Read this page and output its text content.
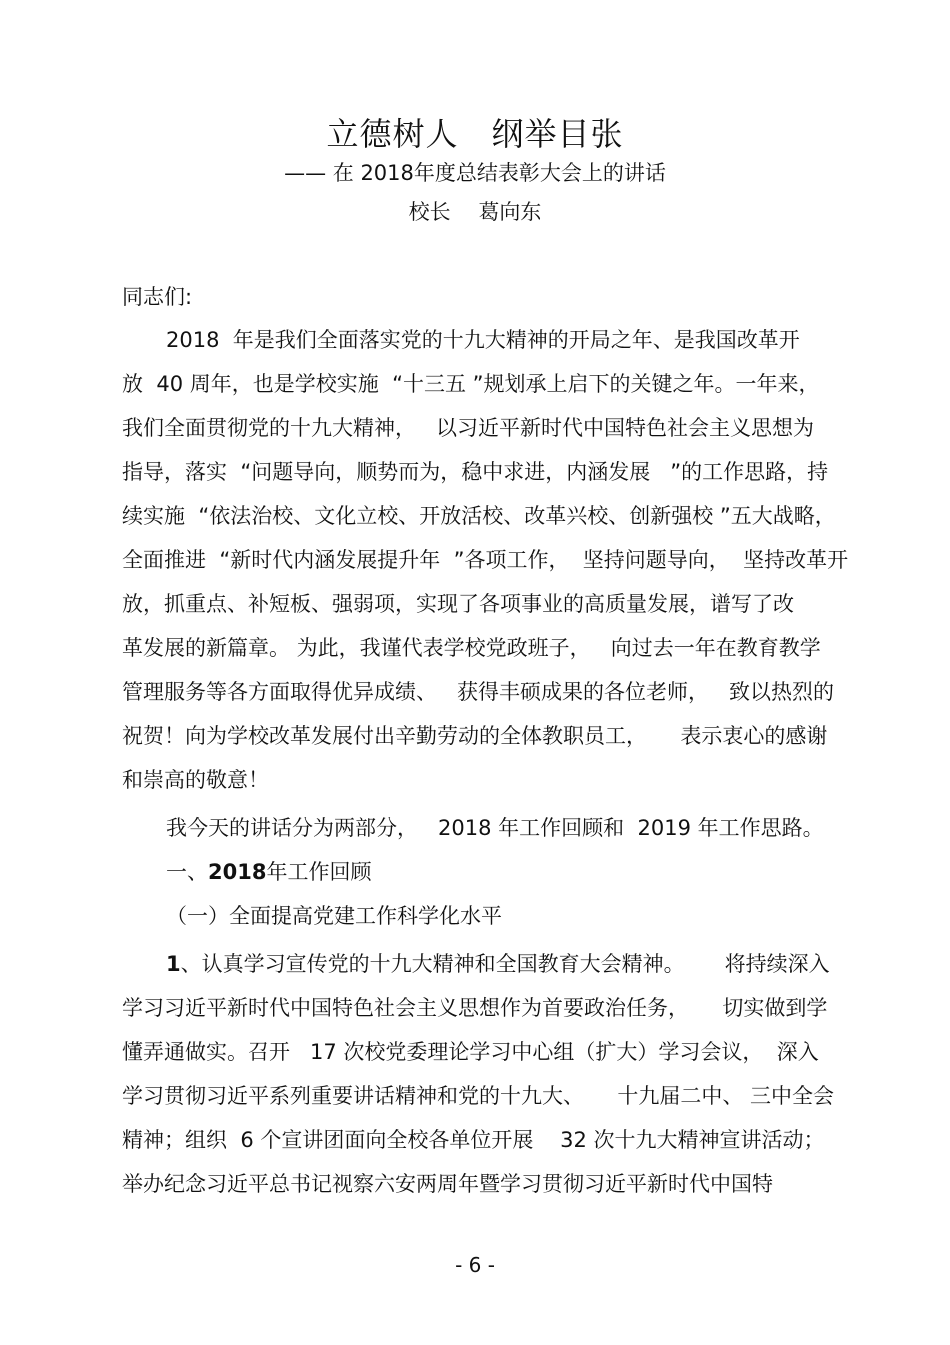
立德树人　纲举目张
—— 在 2018年度总结表彰大会上的讲话
校长　 葛向东
同志们:
2018  年是我们全面落实党的十九大精神的开局之年、是我国改革开
放  40 周年，也是学校实施  “十三五 ”规划承上启下的关键之年。一年来，
我们全面贯彻党的十九大精神，   以习近平新时代中国特色社会主义思想为
指导，落实  “问题导向，顺势而为，稳中求进，内涵发展   ”的工作思路，持
续实施  “依法治校、文化立校、开放活校、改革兴校、创新强校 ”五大战略，
全面推进  “新时代内涵发展提升年  ”各项工作，  坚持问题导向，  坚持改革开
放，抓重点、补短板、强弱项，实现了各项事业的高质量发展，谱写了改
革发展的新篇章。 为此，我谨代表学校党政班子，   向过去一年在教育教学
管理服务等各方面取得优异成绩、   获得丰硕成果的各位老师，   致以热烈的
祝贺！向为学校改革发展付出辛勤劳动的全体教职员工，     表示衷心的感谢
和崇高的敬意！
我今天的讲话分为两部分，   2018 年工作回顾和  2019 年工作思路。
一、2018年工作回顾
（一）全面提高党建工作科学化水平
1、认真学习宣传党的十九大精神和全国教育大会精神。      将持续深入
学习习近平新时代中国特色社会主义思想作为首要政治任务，     切实做到学
懂弄通做实。召开   17 次校党委理论学习中心组（扩大）学习会议，  深入
学习贯彻习近平系列重要讲话精神和党的十九大、     十九届二中、 三中全会
精神；组织  6 个宣讲团面向全校各单位开展    32 次十九大精神宣讲活动；
举办纪念习近平总书记视察六安两周年暨学习贯彻习近平新时代中国特
- 6 -
